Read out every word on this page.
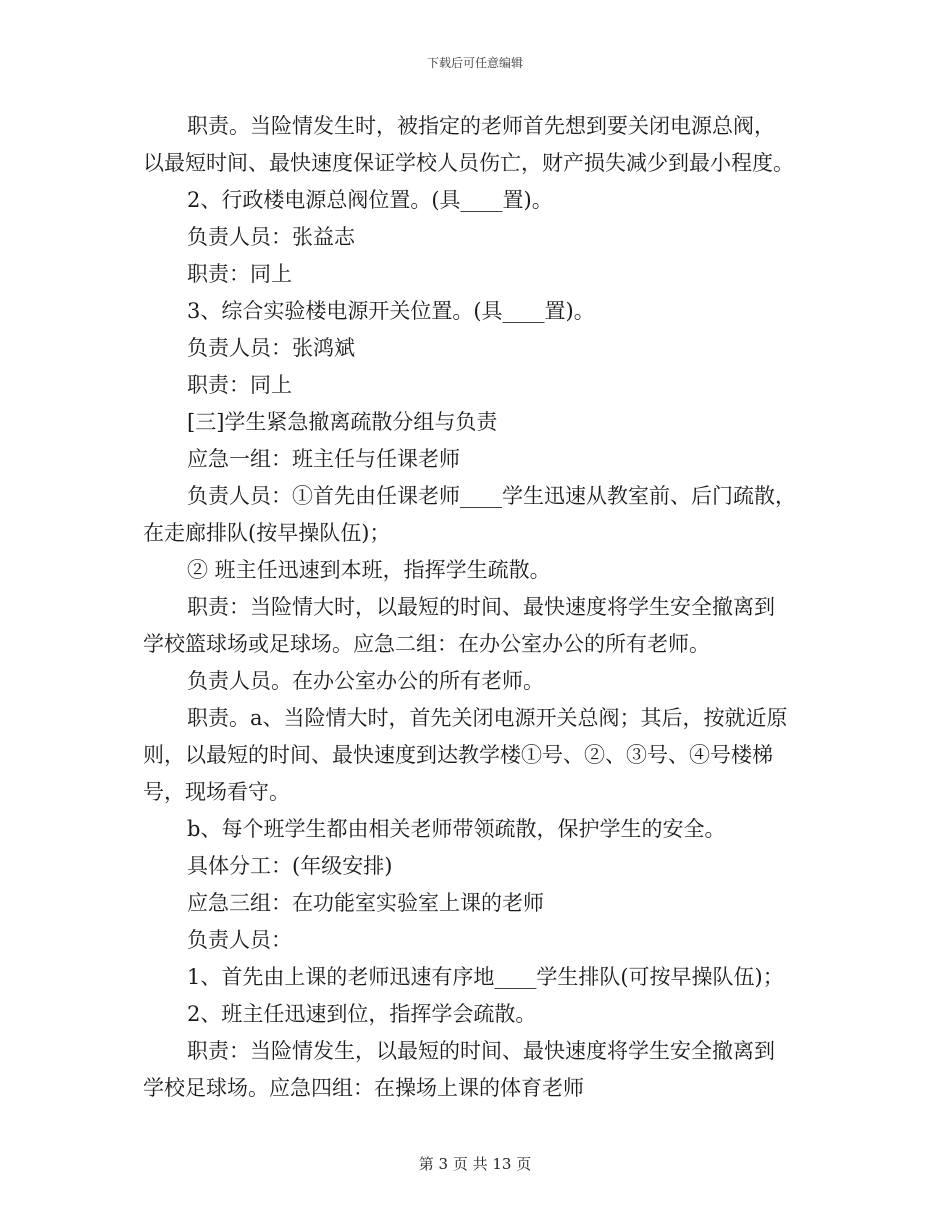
下载后可任意编辑

职责。当险情发生时，被指定的老师首先想到要关闭电源总阀，

以最短时间、最快速度保证学校人员伤亡，财产损失减少到最小程度。

2、行政楼电源总阀位置。(具____置)。

负责人员：张益志

职责：同上

3、综合实验楼电源开关位置。(具____置)。

负责人员：张鸿斌

职责：同上

[三]学生紧急撤离疏散分组与负责

应急一组：班主任与任课老师

负责人员：①首先由任课老师____学生迅速从教室前、后门疏散，

在走廊排队(按早操队伍)；

② 班主任迅速到本班，指挥学生疏散。

职责：当险情大时，以最短的时间、最快速度将学生安全撤离到

学校篮球场或足球场。应急二组：在办公室办公的所有老师。

负责人员。在办公室办公的所有老师。

职责。a、当险情大时，首先关闭电源开关总阀；其后，按就近原

则，以最短的时间、最快速度到达教学楼①号、②、③号、④号楼梯

号，现场看守。

b、每个班学生都由相关老师带领疏散，保护学生的安全。

具体分工：(年级安排)

应急三组：在功能室实验室上课的老师

负责人员：

1、首先由上课的老师迅速有序地____学生排队(可按早操队伍)；

2、班主任迅速到位，指挥学会疏散。

职责：当险情发生，以最短的时间、最快速度将学生安全撤离到

学校足球场。应急四组：在操场上课的体育老师

第 3 页 共 13 页
